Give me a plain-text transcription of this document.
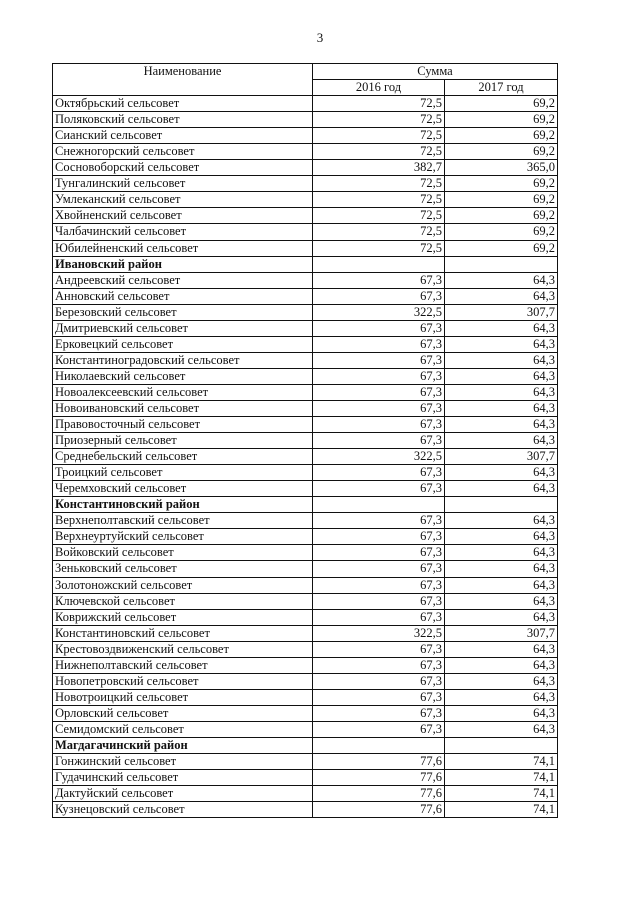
3
Наименование	Сумма	
	2016 год	2017 год
Октябрьский сельсовет	72,5	69,2
Поляковский сельсовет	72,5	69,2
Сианский сельсовет	72,5	69,2
Снежногорский сельсовет	72,5	69,2
Сосновоборский сельсовет	382,7	365,0
Тунгалинский сельсовет	72,5	69,2
Умлеканский сельсовет	72,5	69,2
Хвойненский сельсовет	72,5	69,2
Чалбачинский сельсовет	72,5	69,2
Юбилейненский сельсовет	72,5	69,2
Ивановский район		
Андреевский сельсовет	67,3	64,3
Анновский сельсовет	67,3	64,3
Березовский сельсовет	322,5	307,7
Дмитриевский сельсовет	67,3	64,3
Ерковецкий сельсовет	67,3	64,3
Константиноградовский сельсовет	67,3	64,3
Николаевский сельсовет	67,3	64,3
Новоалексеевский сельсовет	67,3	64,3
Новоивановский сельсовет	67,3	64,3
Правовосточный сельсовет	67,3	64,3
Приозерный сельсовет	67,3	64,3
Среднебельский сельсовет	322,5	307,7
Троицкий сельсовет	67,3	64,3
Черемховский сельсовет	67,3	64,3
Константиновский район		
Верхнеполтавский сельсовет	67,3	64,3
Верхнеуртуйский сельсовет	67,3	64,3
Войковский сельсовет	67,3	64,3
Зеньковский сельсовет	67,3	64,3
Золотоножский сельсовет	67,3	64,3
Ключевской сельсовет	67,3	64,3
Коврижский сельсовет	67,3	64,3
Константиновский сельсовет	322,5	307,7
Крестовоздвиженский сельсовет	67,3	64,3
Нижнеполтавский сельсовет	67,3	64,3
Новопетровский сельсовет	67,3	64,3
Новотроицкий сельсовет	67,3	64,3
Орловский сельсовет	67,3	64,3
Семидомский сельсовет	67,3	64,3
Магдагачинский район		
Гонжинский сельсовет	77,6	74,1
Гудачинский сельсовет	77,6	74,1
Дактуйский сельсовет	77,6	74,1
Кузнецовский сельсовет	77,6	74,1
